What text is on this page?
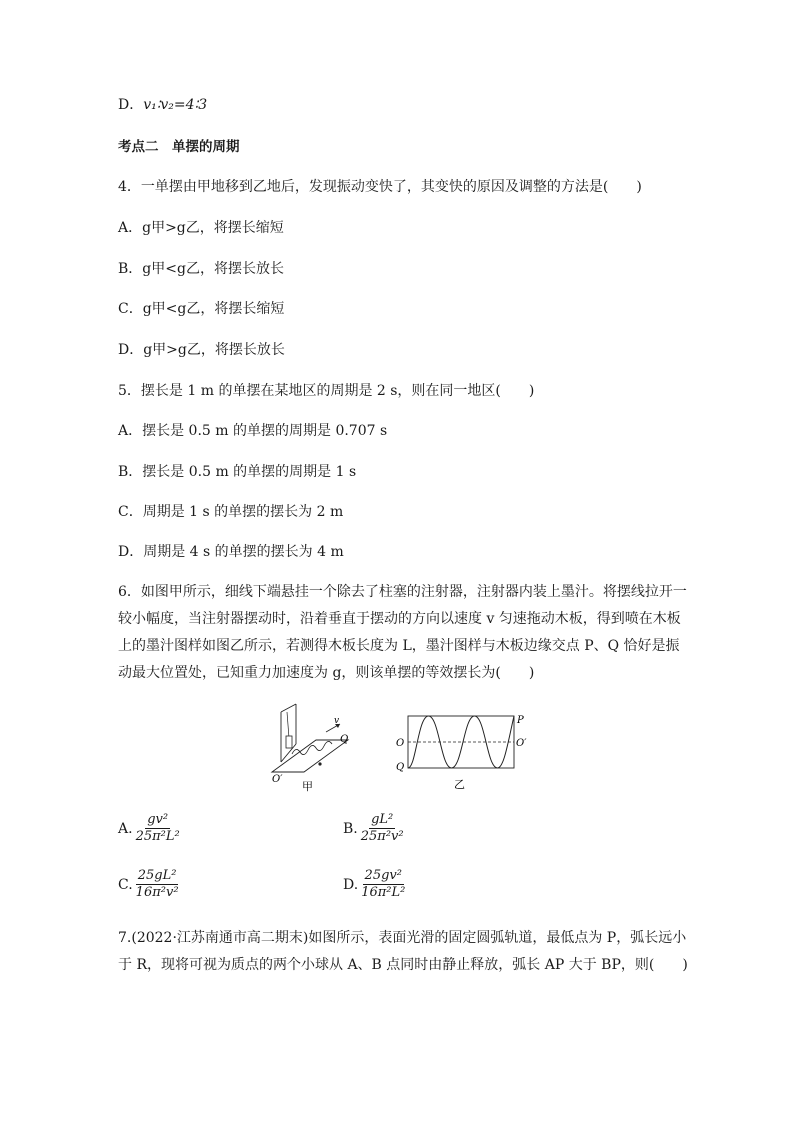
D．v₁∶v₂=4∶3
考点二　单摆的周期
4．一单摆由甲地移到乙地后，发现振动变快了，其变快的原因及调整的方法是(　　)
A．g甲>g乙，将摆长缩短
B．g甲<g乙，将摆长放长
C．g甲<g乙，将摆长缩短
D．g甲>g乙，将摆长放长
5．摆长是 1 m 的单摆在某地区的周期是 2 s，则在同一地区(　　)
A．摆长是 0.5 m 的单摆的周期是 0.707 s
B．摆长是 0.5 m 的单摆的周期是 1 s
C．周期是 1 s 的单摆的摆长为 2 m
D．周期是 4 s 的单摆的摆长为 4 m
6．如图甲所示，细线下端悬挂一个除去了柱塞的注射器，注射器内装上墨汁。将摆线拉开一
较小幅度，当注射器摆动时，沿着垂直于摆动的方向以速度 v 匀速拖动木板，得到喷在木板
上的墨汁图样如图乙所示，若测得木板长度为 L，墨汁图样与木板边缘交点 P、Q 恰好是振
动最大位置处，已知重力加速度为 g，则该单摆的等效摆长为(　　)
v
Q
O′
甲
O
Q
P
O′
乙
A. $\frac{\text{gv²}}{\text{25π²L²}}$	B. $\frac{\text{gL²}}{\text{25π²v²}}$
C. $\frac{\text{25gL²}}{\text{16π²v²}}$	D. $\frac{\text{25gv²}}{\text{16π²L²}}$
7.(2022·江苏南通市高二期末)如图所示，表面光滑的固定圆弧轨道，最低点为 P，弧长远小
于 R，现将可视为质点的两个小球从 A、B 点同时由静止释放，弧长 AP 大于 BP，则(　　)
